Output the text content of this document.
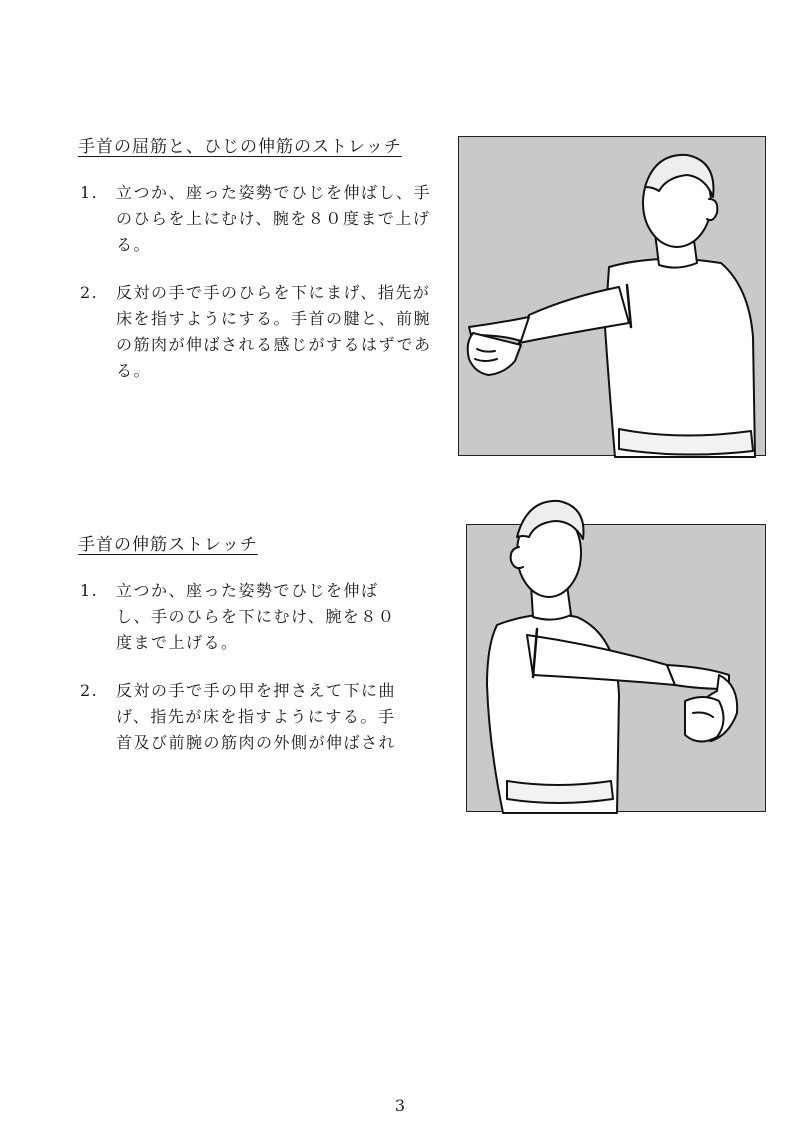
手首の屈筋と、ひじの伸筋のストレッチ
1.	立つか、座った姿勢でひじを伸ばし、手のひらを上にむけ、腕を８０度まで上げる。
2.	反対の手で手のひらを下にまげ、指先が床を指すようにする。手首の腱と、前腕の筋肉が伸ばされる感じがするはずである。
手首の伸筋ストレッチ
1.	立つか、座った姿勢でひじを伸ばし、手のひらを下にむけ、腕を８０度まで上げる。
2.	反対の手で手の甲を押さえて下に曲げ、指先が床を指すようにする。手首及び前腕の筋肉の外側が伸ばされ
3
